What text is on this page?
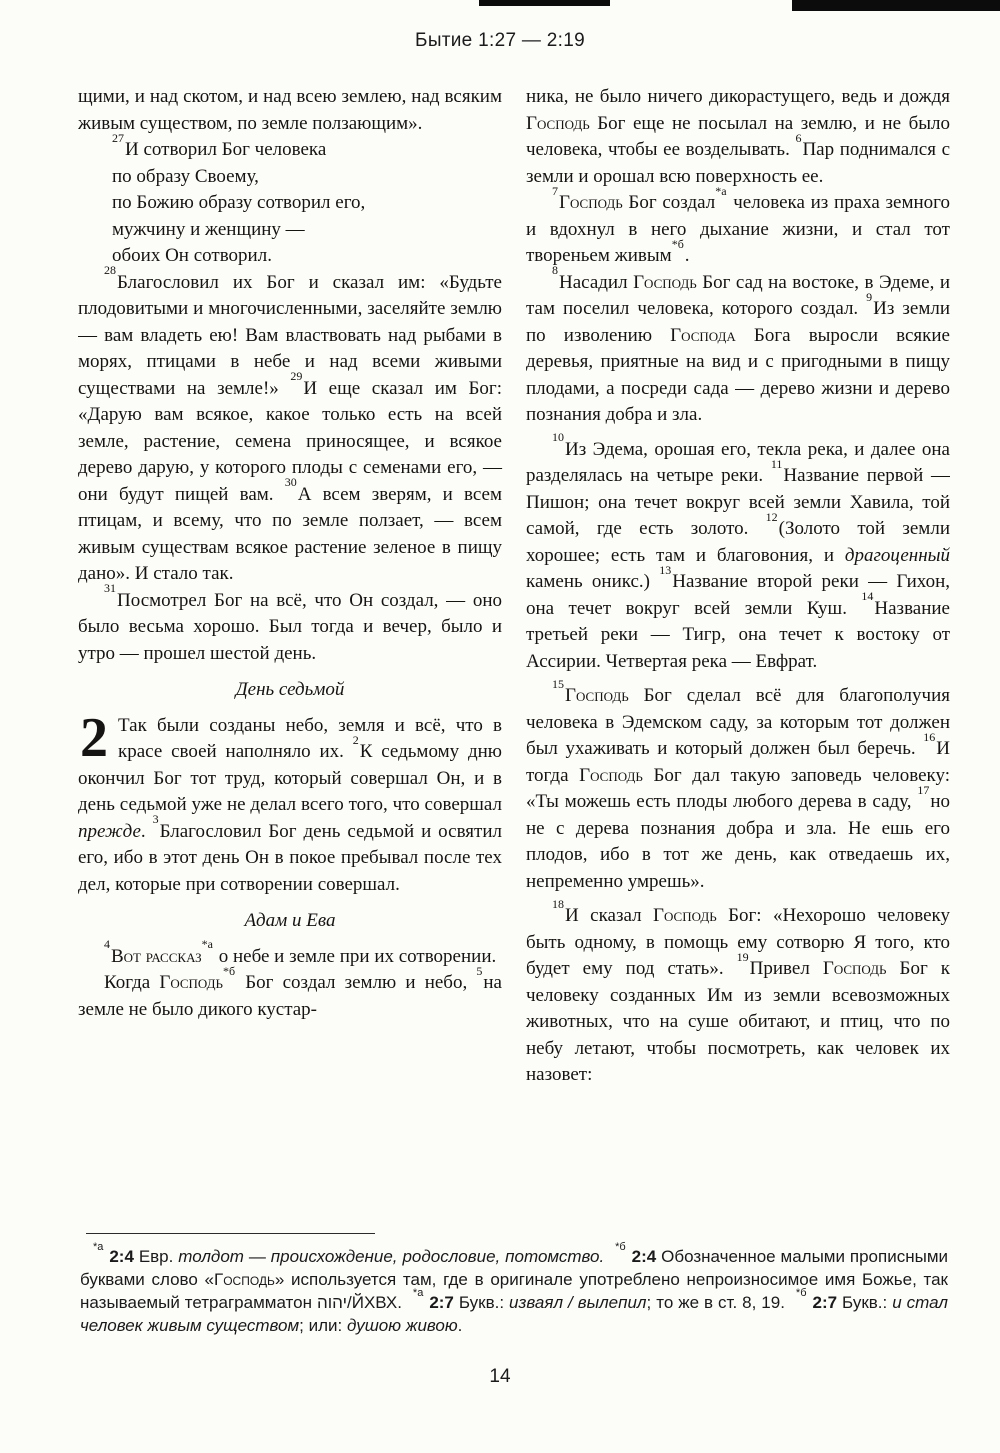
Бытие 1:27 — 2:19

щими, и над скотом, и над всею землею, над всяким живым существом, по земле ползающим».

$^{27}$И сотворил Бог человека
по образу Своему,
по Божию образу сотворил его,
мужчину и женщину —
обоих Он сотворил.

$^{28}$Благословил их Бог и сказал им: «Будьте плодовитыми и многочисленными, заселяйте землю — вам владеть ею! Вам властвовать над рыбами в морях, птицами в небе и над всеми живыми существами на земле!» $^{29}$И еще сказал им Бог: «Дарую вам всякое, какое только есть на всей земле, растение, семена приносящее, и всякое дерево дарую, у которого плоды с семенами его, — они будут пищей вам. $^{30}$А всем зверям, и всем птицам, и всему, что по земле ползает, — всем живым существам всякое растение зеленое в пищу дано». И стало так.

$^{31}$Посмотрел Бог на всё, что Он создал, — оно было весьма хорошо. Был тогда и вечер, было и утро — прошел шестой день.

День седьмой

2 Так были созданы небо, земля и всё, что в красе своей наполняло их. $^2$К седьмому дню окончил Бог тот труд, который совершал Он, и в день седьмой уже не делал всего того, что совершал прежде. $^3$Благословил Бог день седьмой и освятил его, ибо в этот день Он в покое пребывал после тех дел, которые при сотворении совершал.

Адам и Ева

$^4$Вот рассказ$^{*а}$ о небе и земле при их сотворении.

Когда Господь$^{*б}$ Бог создал землю и небо, $^5$на земле не было дикого кустар-

ника, не было ничего дикорастущего, ведь и дождя Господь Бог еще не посылал на землю, и не было человека, чтобы ее возделывать. $^6$Пар поднимался с земли и орошал всю поверхность ее.

$^7$Господь Бог создал$^{*а}$ человека из праха земного и вдохнул в него дыхание жизни, и стал тот твореньем живым$^{*б}$.

$^8$Насадил Господь Бог сад на востоке, в Эдеме, и там поселил человека, которого создал. $^9$Из земли по изволению Господа Бога выросли всякие деревья, приятные на вид и с пригодными в пищу плодами, а посреди сада — дерево жизни и дерево познания добра и зла.

$^{10}$Из Эдема, орошая его, текла река, и далее она разделялась на четыре реки. $^{11}$Название первой — Пишон; она течет вокруг всей земли Хавила, той самой, где есть золото. $^{12}$(Золото той земли хорошее; есть там и благовония, и драгоценный камень оникс.) $^{13}$Название второй реки — Гихон, она течет вокруг всей земли Куш. $^{14}$Название третьей реки — Тигр, она течет к востоку от Ассирии. Четвертая река — Евфрат.

$^{15}$Господь Бог сделал всё для благополучия человека в Эдемском саду, за которым тот должен был ухаживать и который должен был беречь. $^{16}$И тогда Господь Бог дал такую заповедь человеку: «Ты можешь есть плоды любого дерева в саду, $^{17}$но не с дерева познания добра и зла. Не ешь его плодов, ибо в тот же день, как отведаешь их, непременно умрешь».

$^{18}$И сказал Господь Бог: «Нехорошо человеку быть одному, в помощь ему сотворю Я того, кто будет ему под стать». $^{19}$Привел Господь Бог к человеку созданных Им из земли всевозможных животных, что на суше обитают, и птиц, что по небу летают, чтобы посмотреть, как человек их назовет:

$^{*а}$ 2:4 Евр. толдот — происхождение, родословие, потомство. $^{*б}$ 2:4 Обозначенное малыми прописными буквами слово «Господь» используется там, где в оригинале употреблено непроизносимое имя Божье, так называемый тетраграмматон יהוה/ЙХВХ. $^{*а}$ 2:7 Букв.: изваял / вылепил; то же в ст. 8, 19. $^{*б}$ 2:7 Букв.: и стал человек живым существом; или: душою живою.
14
